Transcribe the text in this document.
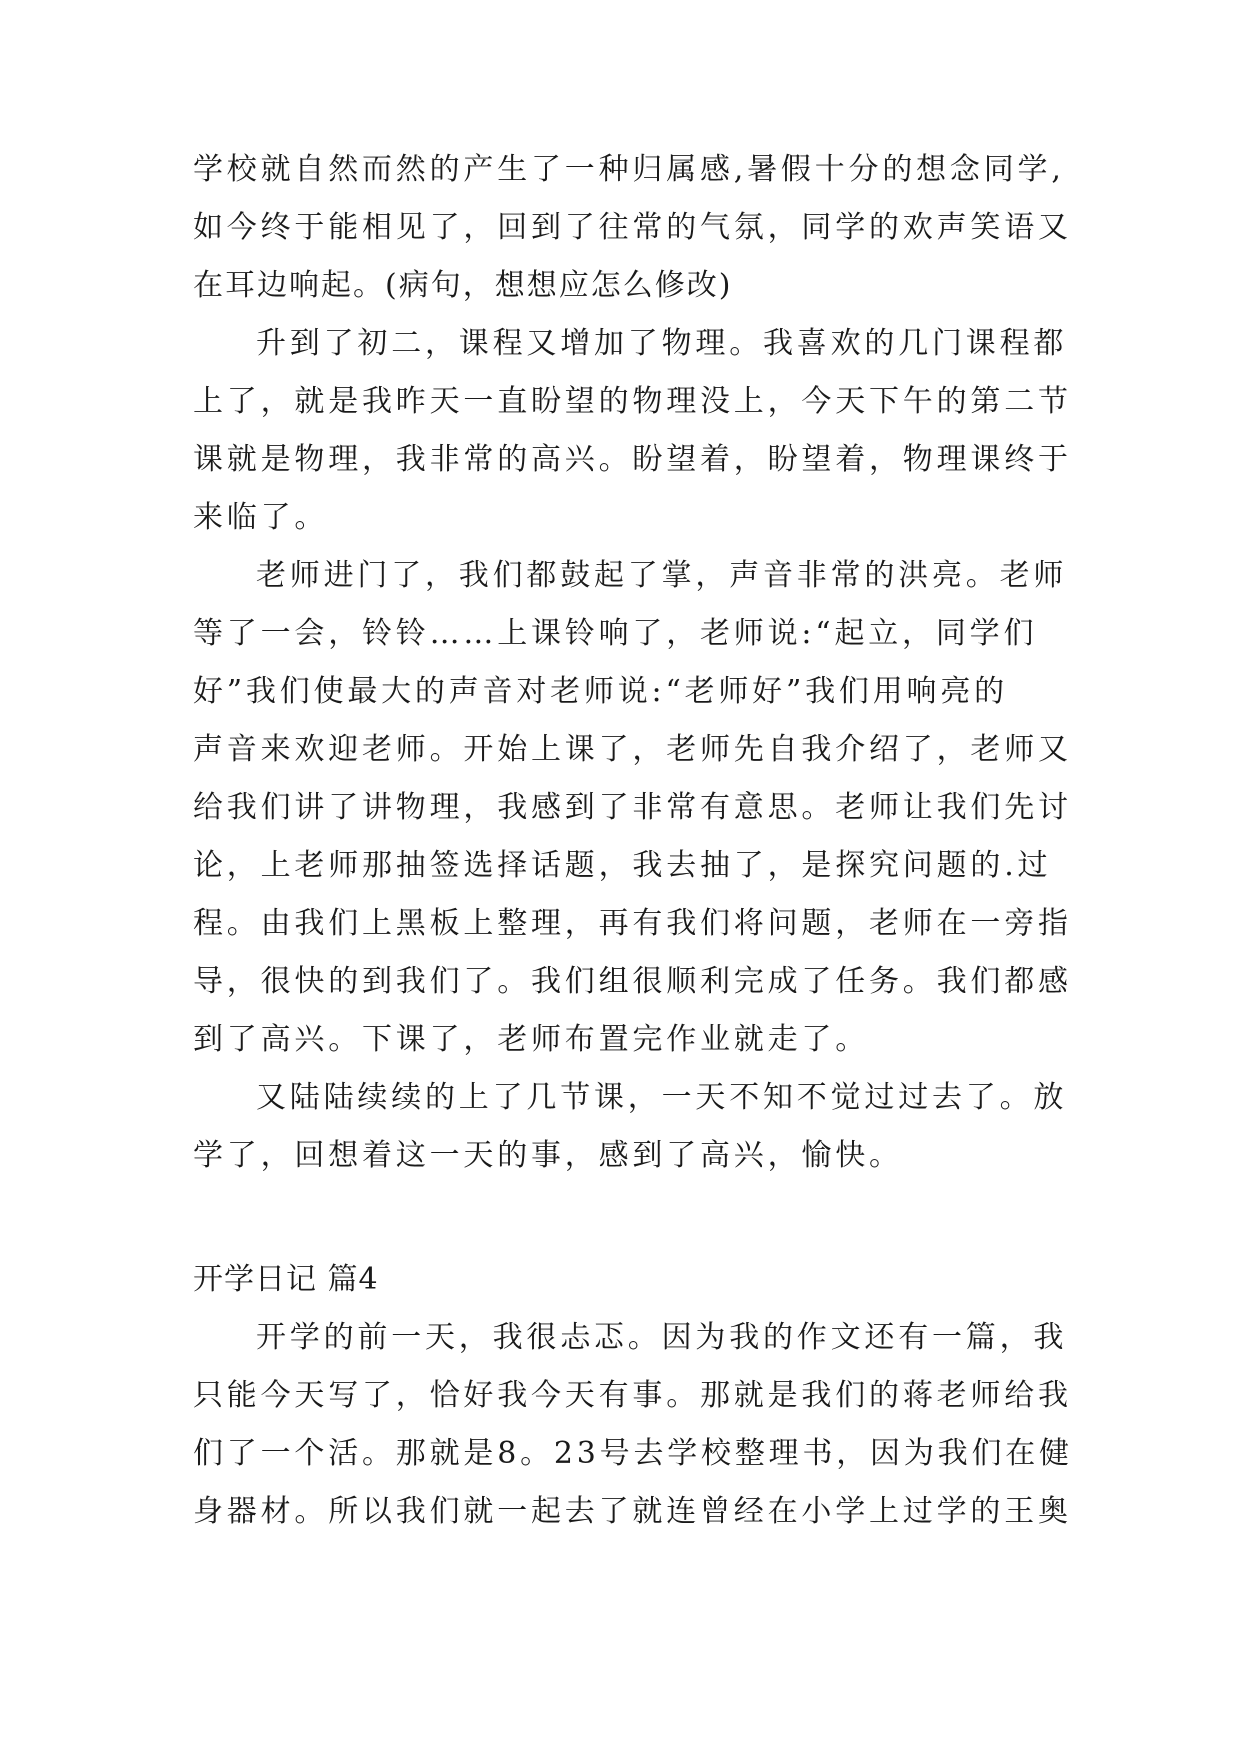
学校就自然而然的产生了一种归属感,暑假十分的想念同学,

如今终于能相见了，回到了往常的气氛，同学的欢声笑语又

在耳边响起。(病句，想想应怎么修改)

升到了初二，课程又增加了物理。我喜欢的几门课程都

上了，就是我昨天一直盼望的物理没上，今天下午的第二节

课就是物理，我非常的高兴。盼望着，盼望着，物理课终于

来临了。

老师进门了，我们都鼓起了掌，声音非常的洪亮。老师

等了一会，铃铃……上课铃响了，老师说:“起立，同学们

好”我们使最大的声音对老师说:“老师好”我们用响亮的

声音来欢迎老师。开始上课了，老师先自我介绍了，老师又

给我们讲了讲物理，我感到了非常有意思。老师让我们先讨

论，上老师那抽签选择话题，我去抽了，是探究问题的.过

程。由我们上黑板上整理，再有我们将问题，老师在一旁指

导，很快的到我们了。我们组很顺利完成了任务。我们都感

到了高兴。下课了，老师布置完作业就走了。

又陆陆续续的上了几节课，一天不知不觉过过去了。放

学了，回想着这一天的事，感到了高兴，愉快。

开学日记 篇4

开学的前一天，我很忐忑。因为我的作文还有一篇，我

只能今天写了，恰好我今天有事。那就是我们的蒋老师给我

们了一个活。那就是8。23号去学校整理书，因为我们在健

身器材。所以我们就一起去了就连曾经在小学上过学的王奥
